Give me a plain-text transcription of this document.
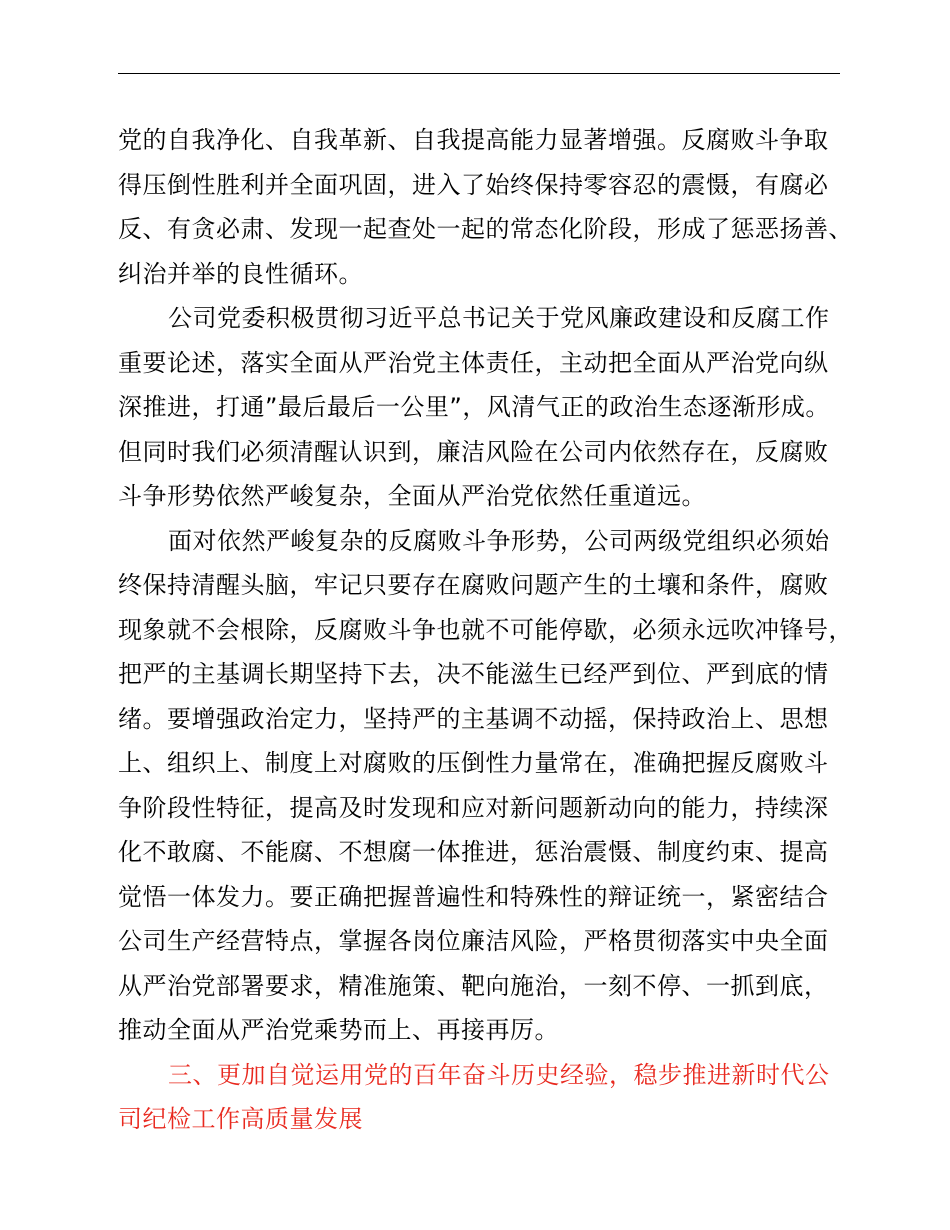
党的自我净化、自我革新、自我提高能力显著增强。反腐败斗争取
得压倒性胜利并全面巩固，进入了始终保持零容忍的震慑，有腐必
反、有贪必肃、发现一起查处一起的常态化阶段，形成了惩恶扬善、
纠治并举的良性循环。

公司党委积极贯彻习近平总书记关于党风廉政建设和反腐工作
重要论述，落实全面从严治党主体责任，主动把全面从严治党向纵
深推进，打通”最后最后一公里”，风清气正的政治生态逐渐形成。
但同时我们必须清醒认识到，廉洁风险在公司内依然存在，反腐败
斗争形势依然严峻复杂，全面从严治党依然任重道远。

面对依然严峻复杂的反腐败斗争形势，公司两级党组织必须始
终保持清醒头脑，牢记只要存在腐败问题产生的土壤和条件，腐败
现象就不会根除，反腐败斗争也就不可能停歇，必须永远吹冲锋号，
把严的主基调长期坚持下去，决不能滋生已经严到位、严到底的情
绪。要增强政治定力，坚持严的主基调不动摇，保持政治上、思想
上、组织上、制度上对腐败的压倒性力量常在，准确把握反腐败斗
争阶段性特征，提高及时发现和应对新问题新动向的能力，持续深
化不敢腐、不能腐、不想腐一体推进，惩治震慑、制度约束、提高
觉悟一体发力。要正确把握普遍性和特殊性的辩证统一，紧密结合
公司生产经营特点，掌握各岗位廉洁风险，严格贯彻落实中央全面
从严治党部署要求，精准施策、靶向施治，一刻不停、一抓到底，
推动全面从严治党乘势而上、再接再厉。

三、更加自觉运用党的百年奋斗历史经验，稳步推进新时代公
司纪检工作高质量发展
